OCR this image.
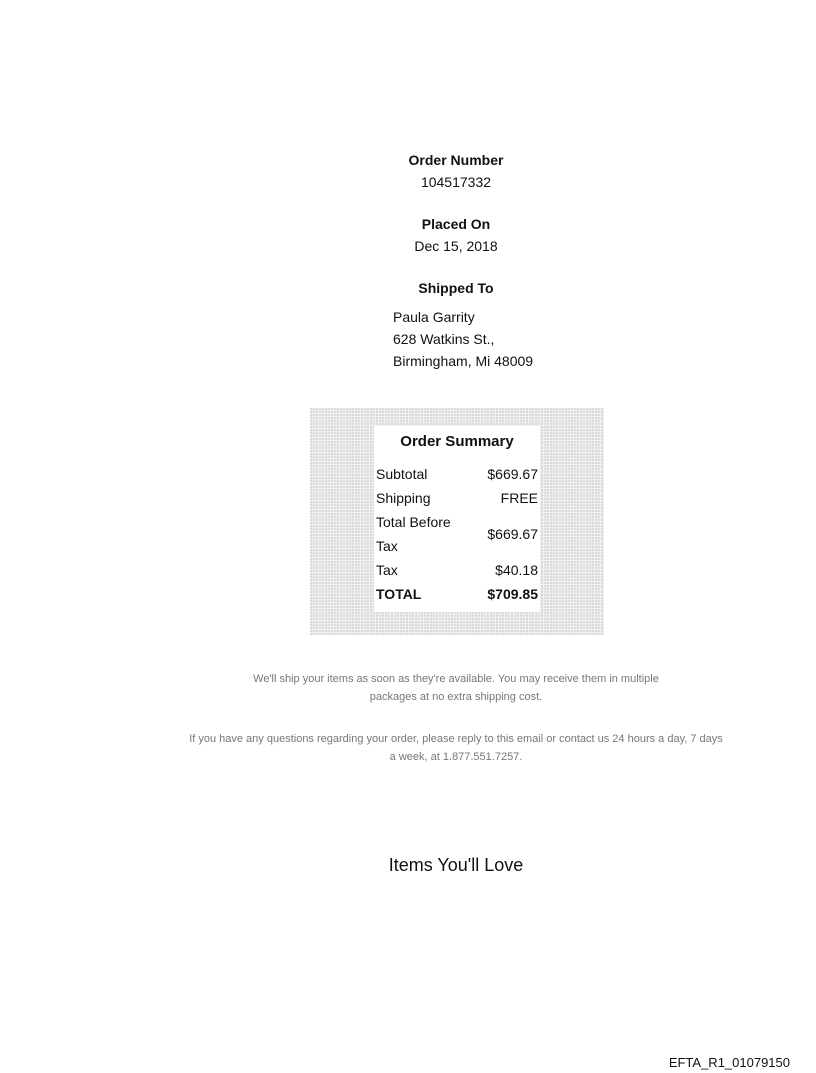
Order Number
104517332
Placed On
Dec 15, 2018
Shipped To
Paula Garrity
628 Watkins St.,
Birmingham, Mi 48009
Order Summary
Subtotal	$669.67
Shipping	FREE
Total Before Tax	$669.67
Tax	$40.18
TOTAL	$709.85
We'll ship your items as soon as they're available. You may receive them in multiple
packages at no extra shipping cost.
If you have any questions regarding your order, please reply to this email or contact us 24 hours a day, 7 days
a week, at 1.877.551.7257.
Items You'll Love
EFTA_R1_01079150
